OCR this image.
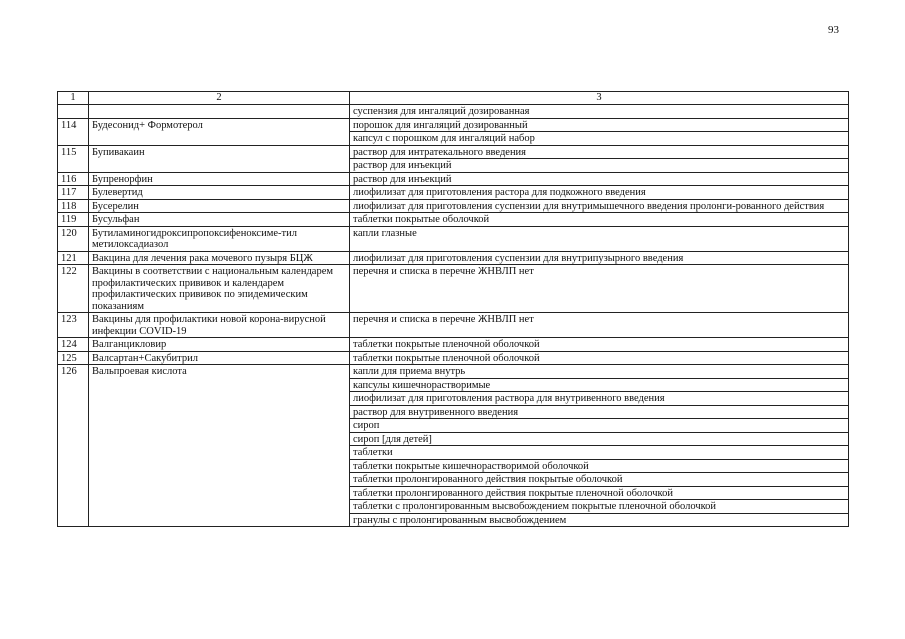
93
1	2	3
		суспензия для ингаляций дозированная
114	Будесонид+ Формотерол	порошок для ингаляций дозированный
		капсул с порошком для ингаляций набор
115	Бупивакаин	раствор для интратекального введения
		раствор для инъекций
116	Бупренорфин	раствор для инъекций
117	Булевертид	лиофилизат для приготовления растора для подкожного введения
118	Бусерелин	лиофилизат для приготовления суспензии для внутримышечного введения пролонги-рованного действия
119	Бусульфан	таблетки покрытые оболочкой
120	Бутиламиногидроксипропоксифеноксиме-тил метилоксадиазол	капли глазные
121	Вакцина для лечения рака мочевого пузыря БЦЖ	лиофилизат для приготовления суспензии для внутрипузырного введения
122	Вакцины в соответствии с национальным календарем профилактических прививок и календарем профилактических прививок по эпидемическим показаниям	перечня и списка в перечне ЖНВЛП нет
123	Вакцины для профилактики новой корона-вирусной инфекции COVID-19	перечня и списка в перечне ЖНВЛП нет
124	Валганцикловир	таблетки покрытые пленочной оболочкой
125	Валсартан+Сакубитрил	таблетки покрытые пленочной оболочкой
126	Вальпроевая кислота	капли для приема внутрь
		капсулы кишечнорастворимые
		лиофилизат для приготовления раствора для внутривенного введения
		раствор для внутривенного введения
		сироп
		сироп [для детей]
		таблетки
		таблетки покрытые кишечнорастворимой оболочкой
		таблетки пролонгированного действия покрытые оболочкой
		таблетки пролонгированного действия покрытые пленочной оболочкой
		таблетки с пролонгированным высвобождением покрытые пленочной оболочкой
		гранулы с пролонгированным высвобождением
